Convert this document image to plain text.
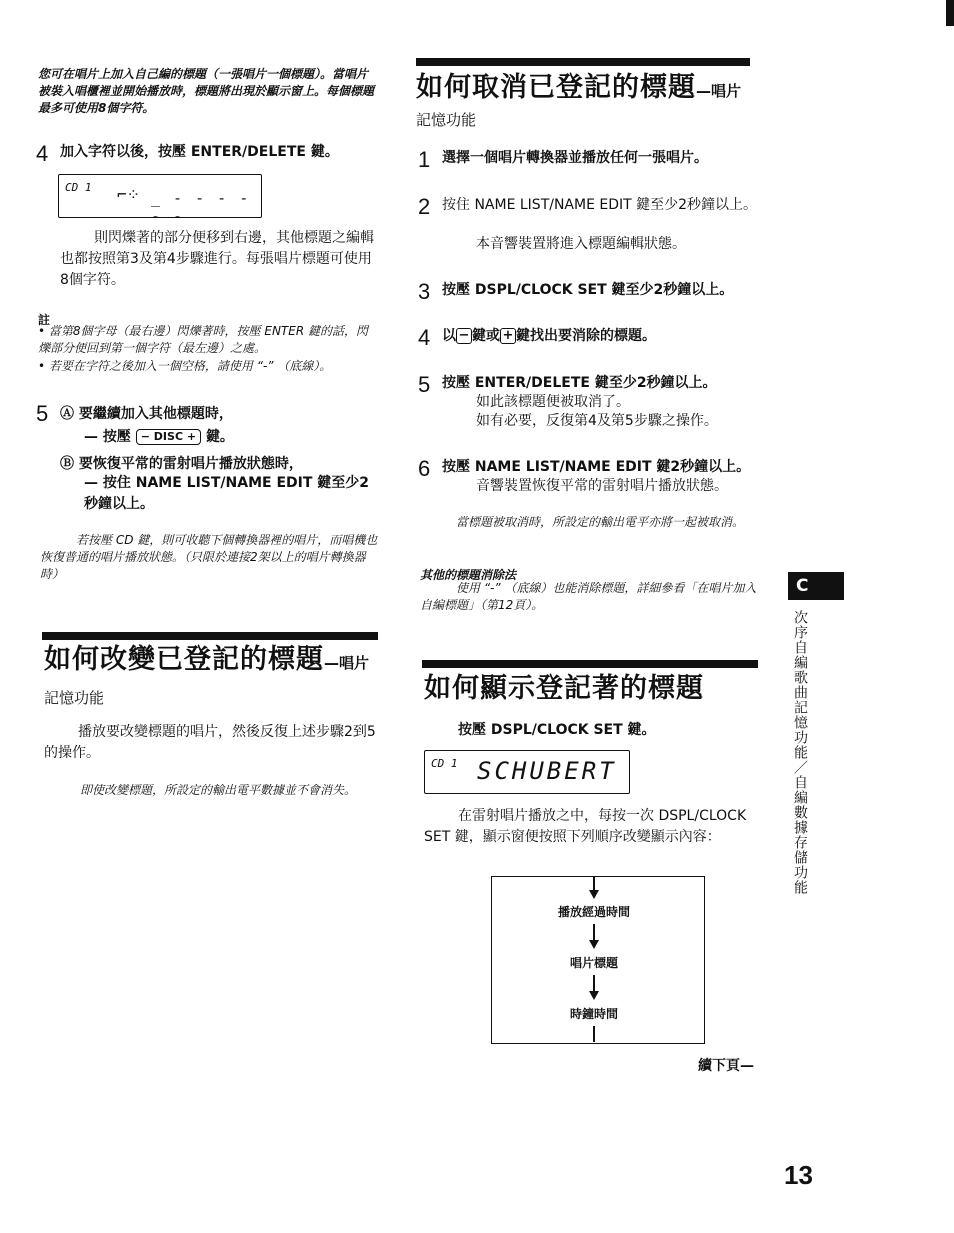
您可在唱片上加入自己編的標題（一張唱片一個標題）。當唱片被裝入唱櫃裡並開始播放時，標題將出現於顯示窗上。每個標題最多可使用8個字符。
4 加入字符以後，按壓 ENTER/DELETE 鍵。
CD 1 ⌐⁘ ̲ - - - - - -
則閃爍著的部分便移到右邊，其他標題之編輯也都按照第3及第4步驟進行。每張唱片標題可使用8個字符。
註
• 當第8個字母（最右邊）閃爍著時，按壓 ENTER 鍵的話，閃爍部分便回到第一個字符（最左邊）之處。
• 若要在字符之後加入一個空格，請使用 “-” （底線）。
5 Ⓐ 要繼續加入其他標題時，
— 按壓 − DISC + 鍵。
Ⓑ 要恢復平常的雷射唱片播放狀態時，
— 按住 NAME LIST/NAME EDIT 鍵至少2秒鐘以上。
若按壓 CD 鍵，則可收聽下個轉換器裡的唱片，而唱機也恢復普通的唱片播放狀態。（只限於連接2架以上的唱片轉換器時）
如何改變已登記的標題—唱片
記憶功能
播放要改變標題的唱片，然後反復上述步驟2到5的操作。
即使改變標題，所設定的輸出電平數據並不會消失。
如何取消已登記的標題—唱片
記憶功能
1 選擇一個唱片轉換器並播放任何一張唱片。
2 按住 NAME LIST/NAME EDIT 鍵至少2秒鐘以上。
本音響裝置將進入標題編輯狀態。
3 按壓 DSPL/CLOCK SET 鍵至少2秒鐘以上。
4 以 − 鍵或 + 鍵找出要消除的標題。
5 按壓 ENTER/DELETE 鍵至少2秒鐘以上。
如此該標題便被取消了。
如有必要，反復第4及第5步驟之操作。
6 按壓 NAME LIST/NAME EDIT 鍵2秒鐘以上。
音響裝置恢復平常的雷射唱片播放狀態。
當標題被取消時，所設定的輸出電平亦將一起被取消。
其他的標題消除法
使用 “-” （底線）也能消除標題，詳細參看「在唱片加入自編標題」（第12頁）。
如何顯示登記著的標題
按壓 DSPL/CLOCK SET 鍵。
CD 1 SCHUBERT
在雷射唱片播放之中，每按一次 DSPL/CLOCK SET 鍵，顯示窗便按照下列順序改變顯示內容：
播放經過時間
唱片標題
時鐘時間
續下頁—
C
次序自編歌曲記憶功能／自編數據存儲功能
13
